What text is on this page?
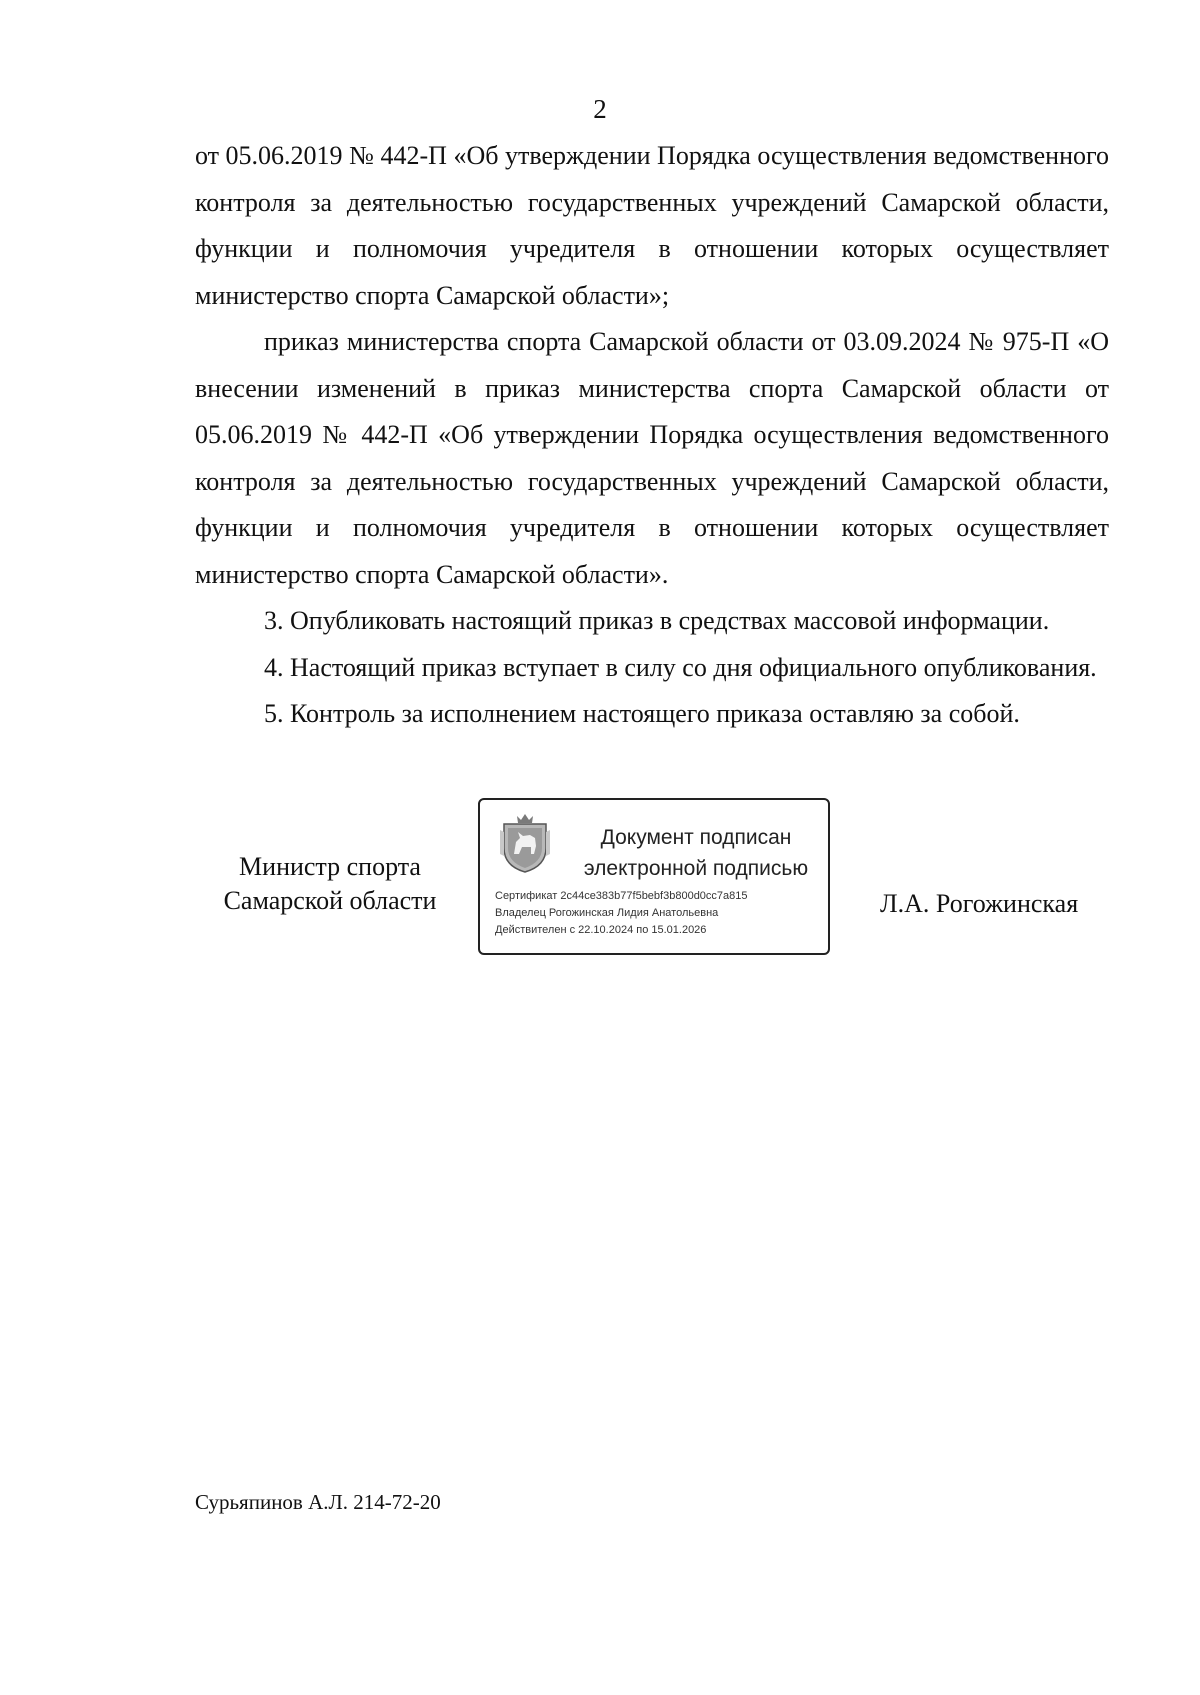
2

от 05.06.2019 № 442-П «Об утверждении Порядка осуществления ведомственного контроля за деятельностью государственных учреждений Самарской области, функции и полномочия учредителя в отношении которых осуществляет министерство спорта Самарской области»;

приказ министерства спорта Самарской области от 03.09.2024 № 975-П «О внесении изменений в приказ министерства спорта Самарской области от 05.06.2019 № 442-П «Об утверждении Порядка осуществления ведомственного контроля за деятельностью государственных учреждений Самарской области, функции и полномочия учредителя в отношении которых осуществляет министерство спорта Самарской области».

3. Опубликовать настоящий приказ в средствах массовой информации.

4. Настоящий приказ вступает в силу со дня официального опубликования.

5. Контроль за исполнением настоящего приказа оставляю за собой.

Министр спорта
Самарской области
Документ подписан
электронной подписью
Сертификат 2c44ce383b77f5bebf3b800d0cc7a815
Владелец Рогожинская Лидия Анатольевна
Действителен с 22.10.2024 по 15.01.2026
Л.А. Рогожинская
Сурьяпинов А.Л. 214-72-20
